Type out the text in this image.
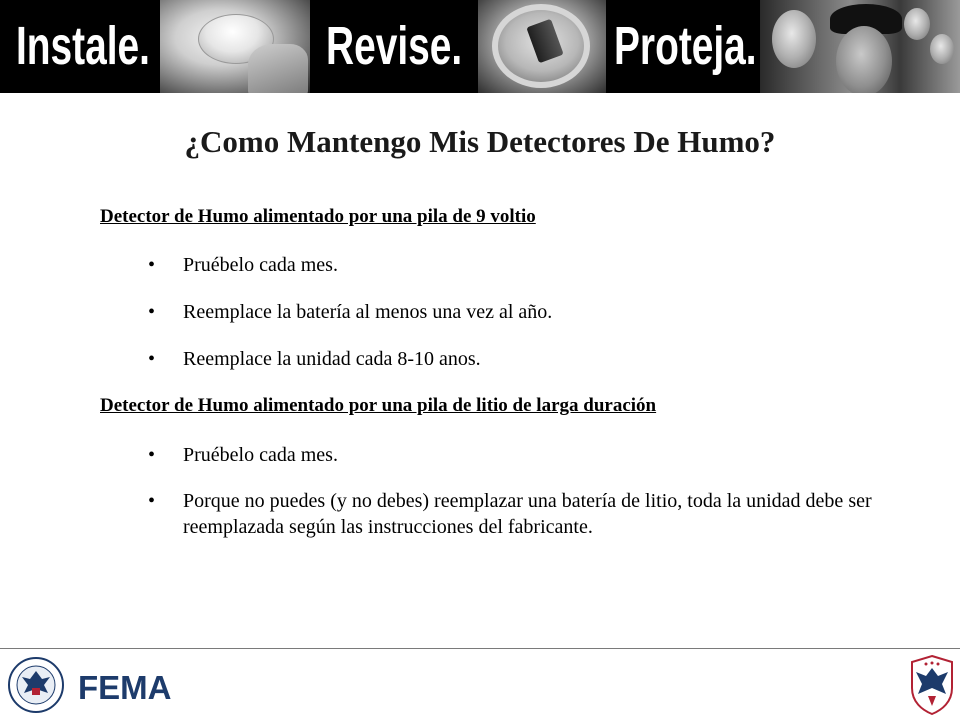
Instale.	Revise.	Proteja.
¿Como Mantengo Mis Detectores De Humo?
Detector de Humo alimentado por una pila de 9 voltio
•	Pruébelo cada mes.
•	Reemplace la batería al menos una vez al año.
•	Reemplace la unidad cada 8-10 anos.
Detector de Humo alimentado por una pila de litio de larga duración
•	Pruébelo cada mes.
•	Porque no puedes (y no debes) reemplazar una batería de litio, toda la unidad debe ser reemplazada según las instrucciones del fabricante.
FEMA
